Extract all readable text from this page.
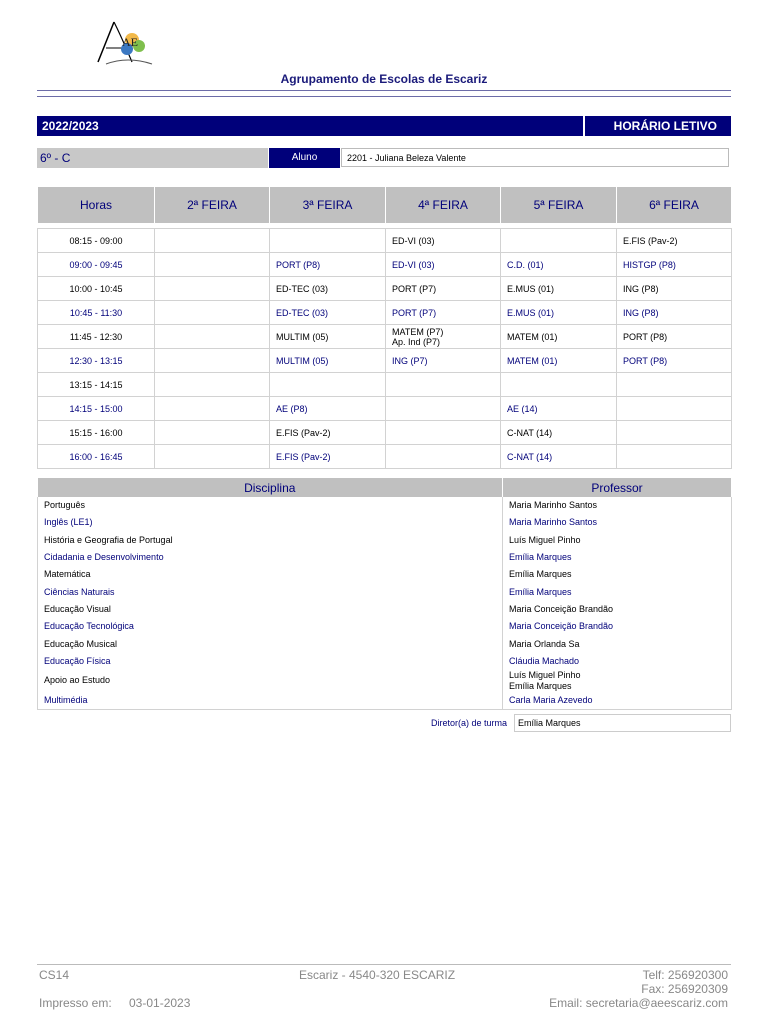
AE
Agrupamento de Escolas de Escariz
2022/2023	HORÁRIO LETIVO
6º - C	Aluno	2201 - Juliana Beleza Valente
Horas	2ª FEIRA	3ª FEIRA	4ª FEIRA	5ª FEIRA	6ª FEIRA

08:15 - 09:00			ED-VI (03)		E.FIS (Pav-2)
09:00 - 09:45		PORT (P8)	ED-VI (03)	C.D. (01)	HISTGP (P8)
10:00 - 10:45		ED-TEC (03)	PORT (P7)	E.MUS (01)	ING (P8)
10:45 - 11:30		ED-TEC (03)	PORT (P7)	E.MUS (01)	ING (P8)
11:45 - 12:30		MULTIM (05)	MATEM (P7)
Ap. Ind (P7)	MATEM (01)	PORT (P8)
12:30 - 13:15		MULTIM (05)	ING (P7)	MATEM (01)	PORT (P8)
13:15 - 14:15					
14:15 - 15:00		AE (P8)		AE (14)	
15:15 - 16:00		E.FIS (Pav-2)		C-NAT (14)	
16:00 - 16:45		E.FIS (Pav-2)		C-NAT (14)	
Disciplina	Professor
Português	Maria Marinho Santos
Inglês (LE1)	Maria Marinho Santos
História e Geografia de Portugal	Luís Miguel Pinho
Cidadania e Desenvolvimento	Emília Marques
Matemática	Emília Marques
Ciências Naturais	Emília Marques
Educação Visual	Maria Conceição Brandão
Educação Tecnológica	Maria Conceição Brandão
Educação Musical	Maria Orlanda Sa
Educação Física	Cláudia Machado
Apoio ao Estudo	Luís Miguel Pinho
Emília Marques
Multimédia	Carla Maria Azevedo
Diretor(a) de turma	Emília Marques
CS14	Escariz - 4540-320 ESCARIZ	Telf: 256920300
Fax: 256920309
Impresso em: 03-01-2023	Email: secretaria@aeescariz.com
